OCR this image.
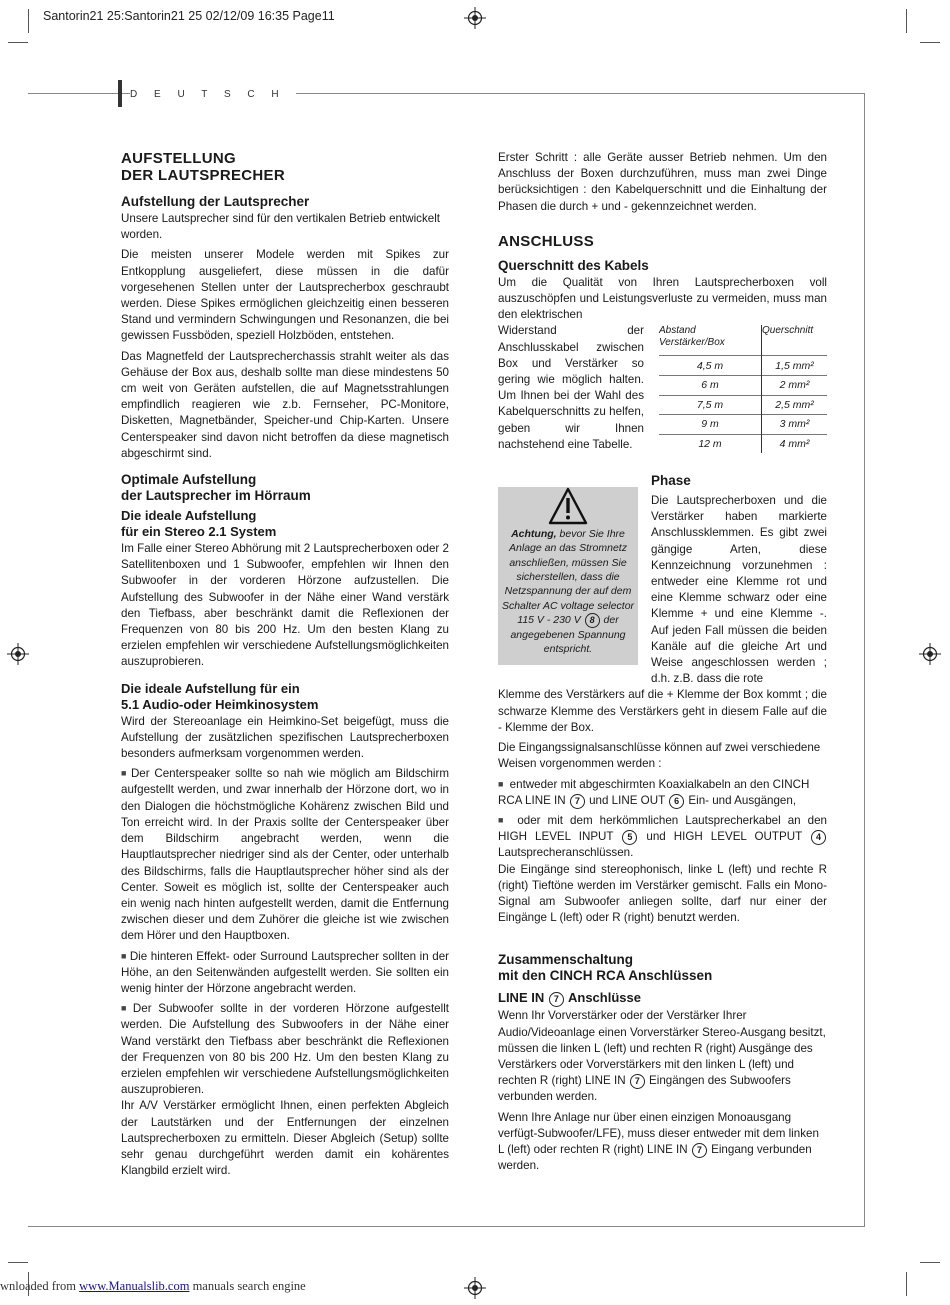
Santorin21 25:Santorin21 25 02/12/09 16:35 Page11
D E U T S C H
AUFSTELLUNG
DER LAUTSPRECHER
Aufstellung der Lautsprecher

Unsere Lautsprecher sind für den vertikalen Betrieb entwickelt worden.

Die meisten unserer Modele werden mit Spikes zur Entkopplung ausgeliefert, diese müssen in die dafür vorgesehenen Stellen unter der Lautsprecherbox geschraubt werden. Diese Spikes ermöglichen gleichzeitig einen besseren Stand und vermindern Schwingungen und Resonanzen, die bei gewissen Fussböden, speziell Holzböden, entstehen.

Das Magnetfeld der Lautsprecherchassis strahlt weiter als das Gehäuse der Box aus, deshalb sollte man diese mindestens 50 cm weit von Geräten aufstellen, die auf Magnetsstrahlungen empfindlich reagieren wie z.b. Fernseher, PC-Monitore, Disketten, Magnetbänder, Speicher-und Chip-Karten. Unsere Centerspeaker sind davon nicht betroffen da diese magnetisch abgeschirmt sind.

Optimale Aufstellung
der Lautsprecher im Hörraum
Die ideale Aufstellung
für ein Stereo 2.1 System

Im Falle einer Stereo Abhörung mit 2 Lautsprecherboxen oder 2 Satellitenboxen und 1 Subwoofer, empfehlen wir Ihnen den Subwoofer in der vorderen Hörzone aufzustellen. Die Aufstellung des Subwoofer in der Nähe einer Wand verstärk den Tiefbass, aber beschränkt damit die Reflexionen der Frequenzen von 80 bis 200 Hz. Um den besten Klang zu erzielen empfehlen wir verschiedene Aufstellungsmöglichkeiten auszuprobieren.

Die ideale Aufstellung für ein
5.1 Audio-oder Heimkinosystem

Wird der Stereoanlage ein Heimkino-Set beigefügt, muss die Aufstellung der zusätzlichen spezifischen Lautsprecherboxen besonders aufmerksam vorgenommen werden.

■ Der Centerspeaker sollte so nah wie möglich am Bildschirm aufgestellt werden, und zwar innerhalb der Hörzone dort, wo in den Dialogen die höchstmögliche Kohärenz zwischen Bild und Ton erreicht wird. In der Praxis sollte der Centerspeaker über dem Bildschirm angebracht werden, wenn die Hauptlautsprecher niedriger sind als der Center, oder unterhalb des Bildschirms, falls die Hauptlautsprecher höher sind als der Center. Soweit es möglich ist, sollte der Centerspeaker auch ein wenig nach hinten aufgestellt werden, damit die Entfernung zwischen dieser und dem Zuhörer die gleiche ist wie zwischen dem Hörer und den Hauptboxen.

■ Die hinteren Effekt- oder Surround Lautsprecher sollten in der Höhe, an den Seitenwänden aufgestellt werden. Sie sollten ein wenig hinter der Hörzone angebracht werden.

■ Der Subwoofer sollte in der vorderen Hörzone aufgestellt werden. Die Aufstellung des Subwoofers in der Nähe einer Wand verstärkt den Tiefbass aber beschränkt die Reflexionen der Frequenzen von 80 bis 200 Hz. Um den besten Klang zu erzielen empfehlen wir verschiedene Aufstellungsmöglichkeiten auszuprobieren.

Ihr A/V Verstärker ermöglicht Ihnen, einen perfekten Abgleich der Lautstärken und der Entfernungen der einzelnen Lautsprecherboxen zu ermitteln. Dieser Abgleich (Setup) sollte sehr genau durchgeführt werden damit ein kohärentes Klangbild erzielt wird.

Erster Schritt : alle Geräte ausser Betrieb nehmen. Um den Anschluss der Boxen durchzuführen, muss man zwei Dinge berücksichtigen : den Kabelquerschnitt und die Einhaltung der Phasen die durch + und - gekennzeichnet werden.

ANSCHLUSS
Querschnitt des Kabels

Um die Qualität von Ihren Lautsprecherboxen voll auszuschöpfen und Leistungsverluste zu vermeiden, muss man den elektrischen

Widerstand der Anschlusskabel zwischen Box und Verstärker so gering wie möglich halten. Um Ihnen bei der Wahl des Kabelquerschnitts zu helfen, geben wir Ihnen nachstehend eine Tabelle.
Abstand
Verstärker/Box	Querschnitt
4,5 m	1,5 mm²
6 m	2 mm²
7,5 m	2,5 mm²
9 m	3 mm²
12 m	4 mm²
Achtung, bevor Sie Ihre Anlage an das Stromnetz anschließen, müssen Sie sicherstellen, dass die Netzspannung der auf dem Schalter AC voltage selector 115 V - 230 V 8 der angegebenen Spannung entspricht.
Phase
Die Lautsprecherboxen und die Verstärker haben markierte Anschlussklemmen. Es gibt zwei gängige Arten, diese Kennzeichnung vorzunehmen : entweder eine Klemme rot und eine Klemme schwarz oder eine Klemme + und eine Klemme -. Auf jeden Fall müssen die beiden Kanäle auf die gleiche Art und Weise angeschlossen werden ; d.h. z.B. dass die rote

Klemme des Verstärkers auf die + Klemme der Box kommt ; die schwarze Klemme des Verstärkers geht in diesem Falle auf die - Klemme der Box.

Die Eingangssignalsanschlüsse können auf zwei verschiedene Weisen vorgenommen werden :

■ entweder mit abgeschirmten Koaxialkabeln an den CINCH RCA LINE IN 7 und LINE OUT 6 Ein- und Ausgängen,

■ oder mit dem herkömmlichen Lautsprecherkabel an den HIGH LEVEL INPUT 5 und HIGH LEVEL OUTPUT 4 Lautsprecheranschlüssen.

Die Eingänge sind stereophonisch, linke L (left) und rechte R (right) Tieftöne werden im Verstärker gemischt. Falls ein Mono-Signal am Subwoofer anliegen sollte, darf nur einer der Eingänge L (left) oder R (right) benutzt werden.

Zusammenschaltung
mit den CINCH RCA Anschlüssen
LINE IN 7 Anschlüsse

Wenn Ihr Vorverstärker oder der Verstärker Ihrer Audio/Videoanlage einen Vorverstärker Stereo-Ausgang besitzt, müssen die linken L (left) und rechten R (right) Ausgänge des Verstärkers oder Vorverstärkers mit den linken L (left) und rechten R (right) LINE IN 7 Eingängen des Subwoofers verbunden werden.

Wenn Ihre Anlage nur über einen einzigen Monoausgang verfügt-Subwoofer/LFE), muss dieser entweder mit dem linken L (left) oder rechten R (right) LINE IN 7 Eingang verbunden werden.

wnloaded from www.Manualslib.com manuals search engine
